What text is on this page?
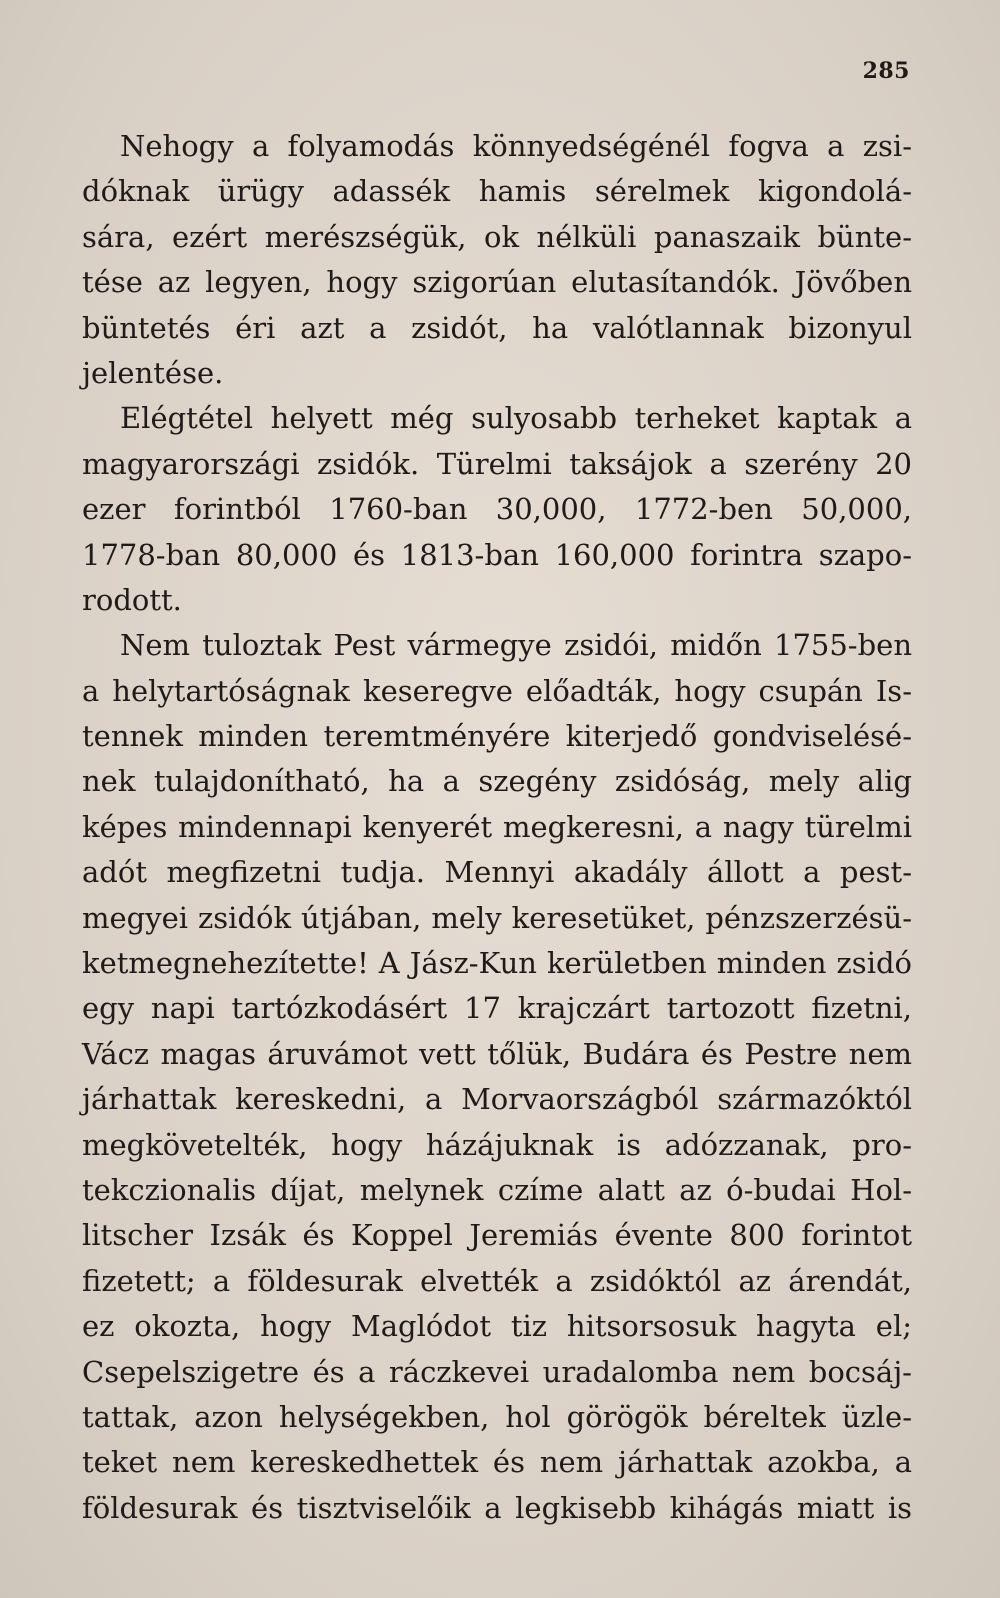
285
Nehogy a folyamodás könnyedségénél fogva a zsi-
dóknak ürügy adassék hamis sérelmek kigondolá-
sára, ezért merészségük, ok nélküli panaszaik bünte-
tése az legyen, hogy szigorúan elutasítandók. Jövőben
büntetés éri azt a zsidót, ha valótlannak bizonyul
jelentése.
Elégtétel helyett még sulyosabb terheket kaptak a
magyarországi zsidók. Türelmi taksájok a szerény 20
ezer forintból 1760-ban 30,000, 1772-ben 50,000,
1778-ban 80,000 és 1813-ban 160,000 forintra szapo-
rodott.
Nem tuloztak Pest vármegye zsidói, midőn 1755-ben
a helytartóságnak keseregve előadták, hogy csupán Is-
tennek minden teremtményére kiterjedő gondviselésé-
nek tulajdonítható, ha a szegény zsidóság, mely alig
képes mindennapi kenyerét megkeresni, a nagy türelmi
adót megfizetni tudja. Mennyi akadály állott a pest-
megyei zsidók útjában, mely keresetüket, pénzszerzésü-
ketmegnehezítette! A Jász-Kun kerületben minden zsidó
egy napi tartózkodásért 17 krajczárt tartozott fizetni,
Vácz magas áruvámot vett tőlük, Budára és Pestre nem
járhattak kereskedni, a Morvaországból származóktól
megkövetelték, hogy házájuknak is adózzanak, pro-
tekczionalis díjat, melynek czíme alatt az ó-budai Hol-
litscher Izsák és Koppel Jeremiás évente 800 forintot
fizetett; a földesurak elvették a zsidóktól az árendát,
ez okozta, hogy Maglódot tiz hitsorsosuk hagyta el;
Csepelszigetre és a ráczkevei uradalomba nem bocsáj-
tattak, azon helységekben, hol görögök béreltek üzle-
teket nem kereskedhettek és nem járhattak azokba, a
földesurak és tisztviselőik a legkisebb kihágás miatt is
